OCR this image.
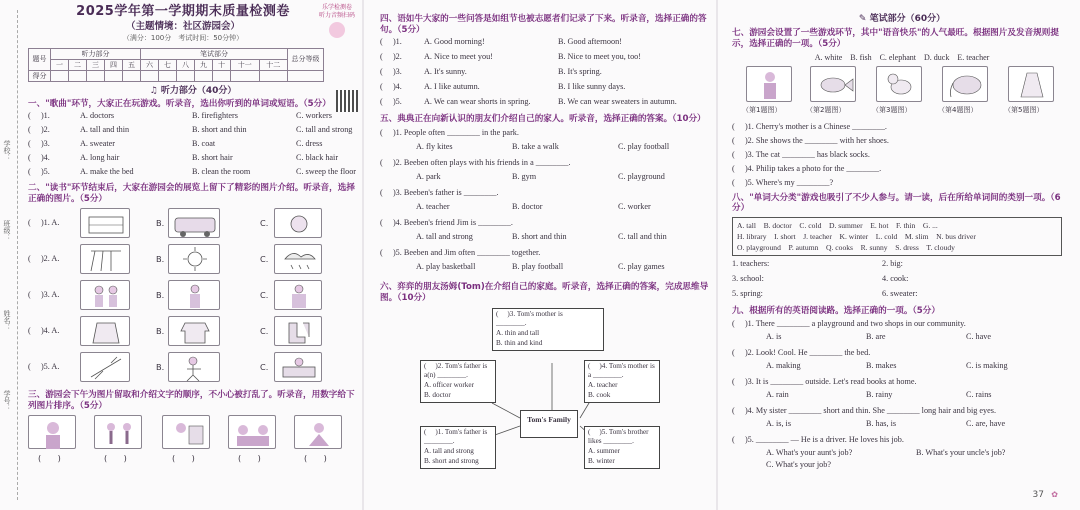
学校：
班级：
姓名：
学号：
2025学年第一学期期末质量检测卷
（主题情境：社区游园会）
（满分：100分　考试时间：50分钟）
乐学检测卷
听力音频扫码
题号	听力部分					笔试部分							总分等级
	一	二	三	四	五	六	七	八	九	十	十一	十二	
得分													
♫ 听力部分（40分）
一、"歌曲"环节，大家正在玩游戏。听录音，选出你听到的单词或短语。（5分）
( 　)1.	A. doctors	B. firefighters	C. workers
( 　)2.	A. tall and thin	B. short and thin	C. tall and strong
( 　)3.	A. sweater	B. coat	C. dress
( 　)4.	A. long hair	B. short hair	C. black hair
( 　)5.	A. make the bed	B. clean the room	C. sweep the floor
二、"读书"环节结束后，大家在游园会的展览上留下了精彩的图片介绍。听录音，选择正确的图片。（5分）
( 　)1. A.	B.	C.
( 　)2. A.	B.	C.
( 　)3. A.	B.	C.
( 　)4. A.	B.	C.
( 　)5. A.	B.	C.
三、游园会下午为图片留取和介绍文字的顺序，不小心被打乱了。听录音，用数字给下列图片排序。（5分）
(　　)	(　　)	(　　)	(　　)	(　　)
四、语如牛大家的一些问答是如组节也被志愿者们记录了下来。听录音，选择正确的答句。（5分）
( 　)1.	A. Good morning!	B. Good afternoon!
( 　)2.	A. Nice to meet you!	B. Nice to meet you, too!
( 　)3.	A. It's sunny.	B. It's spring.
( 　)4.	A. I like autumn.	B. I like sunny days.
( 　)5.	A. We can wear shorts in spring.	B. We can wear sweaters in autumn.
五、典典正在向新认识的朋友们介绍自己的家人。听录音，选择正确的答案。（10分）
( 　)1. People often ________ in the park.
A. fly kites	B. take a walk	C. play football
( 　)2. Beeben often plays with his friends in a ________.
A. park	B. gym	C. playground
( 　)3. Beeben's father is ________.
A. teacher	B. doctor	C. worker
( 　)4. Beeben's friend Jim is ________.
A. tall and strong	B. short and thin	C. tall and thin
( 　)5. Beeben and Jim often ________ together.
A. play basketball	B. play football	C. play games
六、弈弈的朋友汤姆(Tom)在介绍自己的家庭。听录音，选择正确的答案，完成思维导图。（10分）
( 　)3. Tom's mother is
________.
A. thin and tall
B. thin and kind
( 　)2. Tom's father is
a(n) ________.
A. officer worker
B. doctor
( 　)4. Tom's mother is
a ________.
A. teacher
B. cook
Tom's Family
( 　)1. Tom's father is
________.
A. tall and strong
B. short and strong
( 　)5. Tom's brother
likes ________.
A. summer
B. winter
✎ 笔试部分（60分）
七、游园会设置了一些游戏环节，其中"语音快乐"的人气最旺。根据图片及发音规则提示，选择正确的一项。（5分）
A. white　B. fish　C. elephant　D. duck　E. teacher
（第1题图）	（第2题图）	（第3题图）	（第4题图）	（第5题图）
( 　)1. Cherry's mother is a Chinese ________.
( 　)2. She shows the ________ with her shoes.
( 　)3. The cat ________ has black socks.
( 　)4. Philip takes a photo for the ________.
( 　)5. Where's my ________?
八、"单词大分类"游戏也吸引了不少人参与。请一读，后在所给单词间的类别一项。（6分）
A. tall　B. doctor　C. cold　D. summer　E. hot　F. thin　G. ...
H. library　I. short　J. teacher　K. winter　L. cold　M. slim　N. bus driver
O. playground　P. autumn　Q. cooks　R. sunny　S. dress　T. cloudy
1. teachers:	2. big:
3. school:	4. cook:
5. spring:	6. sweater:
九、根据所有的英语阅读路。选择正确的一项。（5分）
( 　)1. There ________ a playground and two shops in our community.
A. is	B. are	C. have
( 　)2. Look! Cool. He ________ the bed.
A. making	B. makes	C. is making
( 　)3. It is ________ outside. Let's read books at home.
A. rain	B. rainy	C. rains
( 　)4. My sister ________ short and thin. She ________ long hair and big eyes.
A. is, is	B. has, is	C. are, have
( 　)5. ________ — He is a driver. He loves his job.
A. What's your aunt's job?	B. What's your uncle's job?
C. What's your job?
37 ✿
